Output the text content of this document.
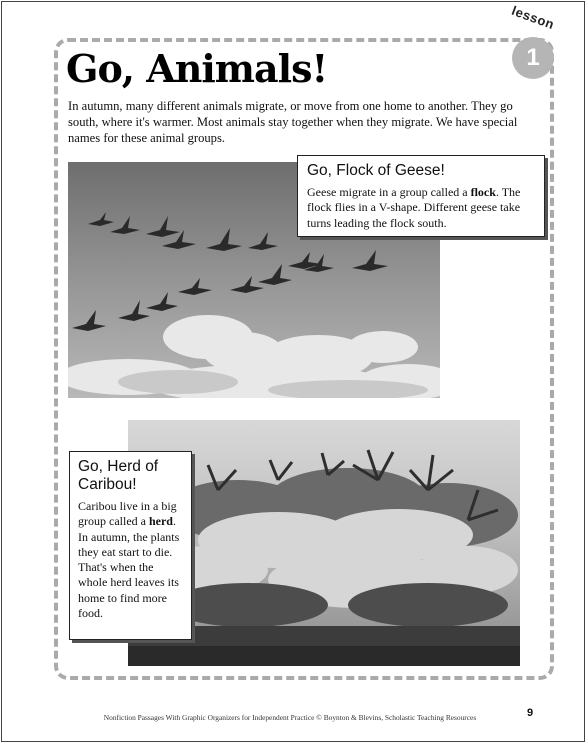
lesson
1
Go, Animals!

In autumn, many different animals migrate, or move from one home to another. They go south, where it's warmer. Most animals stay together when they migrate. We have special names for these animal groups.

Go, Flock of Geese!

Geese migrate in a group called a flock. The flock flies in a V-shape. Different geese take turns leading the flock south.

Go, Herd of Caribou!

Caribou live in a big group called a herd. In autumn, the plants they eat start to die. That's when the whole herd leaves its home to find more food.

Nonfiction Passages With Graphic Organizers for Independent Practice © Boynton & Blevins, Scholastic Teaching Resources	9
